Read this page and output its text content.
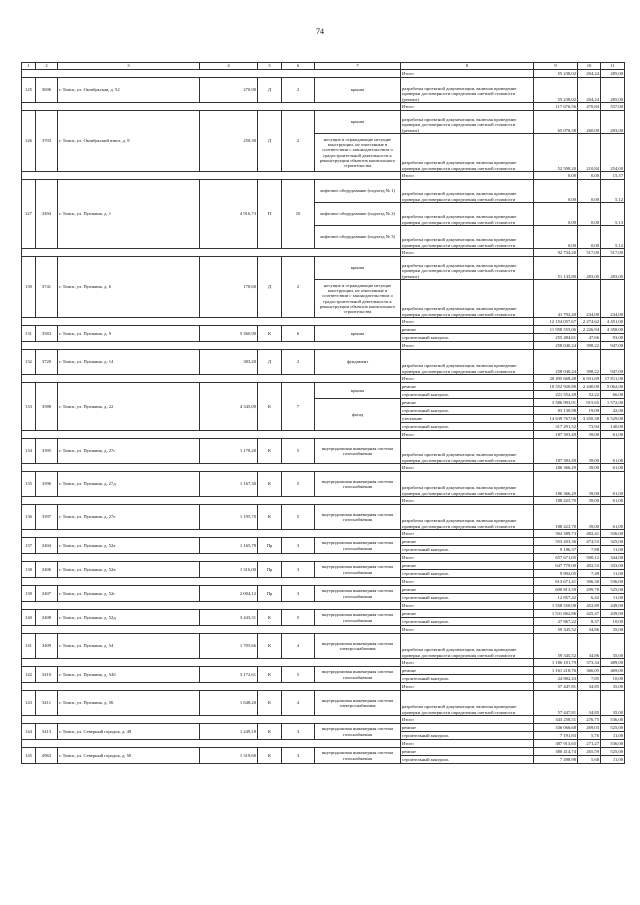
74
1	2	3	4	5	6	7	8	9	10	11
							Итого	55 238,02	204,24	285,00
125	3696	г. Томск, ул. Октябрьская, д. 52	270,90	Д	2	крыша	разработка проектной документации, включая проведение проверки достоверности определения сметной стоимости (ремонт)	55 238,02	204,24	285,00
							Итого	117 676,56	470,84	537,00
126	3703	г. Томск, ул. Октябрьский взвоз, д. 8	250,30	Д	2	крыша	разработка проектной документации, включая проведение проверки достоверности определения сметной стоимости (ремонт)	65 078,38	260,00	283,00
						несущие и ограждающие несущие конструкции, не отнесенные в соответствии с законодательством о градостроительной деятельности к реконструкции объектов капитального строительства	разработка проектной документации, включая проведение проверки достоверности определения сметной стоимости	52 598,20	210,84	254,00
							Итого	0,00	0,00	15,37
127	3494	г. Томск, ул. Пушкина, д. 1	4 916,73	П	10	лифтовое оборудование (подъезд № 1)	разработка проектной документации, включая проведение проверки достоверности определения сметной стоимости	0,00	0,00	5,12
						лифтовое оборудование (подъезд № 2)	разработка проектной документации, включая проведение проверки достоверности определения сметной стоимости	0,00	0,00	5,13
						лифтовое оборудование (подъезд № 3)	разработка проектной документации, включая проведение проверки достоверности определения сметной стоимости	0,00	0,00	5,12
							Итого	92 734,20	517,00	517,00
130	3741	г. Томск, ул. Пушкина, д. 6	178,60	Д	2	крыша	разработка проектной документации, включая проведение проверки достоверности определения сметной стоимости (ремонт)	51 143,80	283,00	283,00
						несущие и ограждающие несущие конструкции, не отнесенные в соответствии с законодательством о градостроительной деятельности к реконструкции объектов капитального строительства	разработка проектной документации, включая проведение проверки достоверности определения сметной стоимости	41 792,40	234,00	234,00
							Итого	12 154 057,67	2 274,62	4 451,00
131	3583	г. Томск, ул. Пушкина, д. 9	5 360,90	К	6	крыша	ремонт	11 958 555,06	2 226,94	4 358,00
							строительный контроль	255 484,61	47,66	93,00
							Итого	258 040,24	398,22	947,00
132	3720	г. Томск, ул. Пушкина, д. 14	383,20	Д	2	фундамент	разработка проектной документации, включая проведение проверки достоверности определения сметной стоимости	258 040,24	398,22	947,00
							Итого	20 495 668,48	6 931,69	17 811,00
133	3588	г. Томск, ул. Пушкина, д. 22	4 345,00	К	7	крыша	ремонт	10 552 920,80	2 440,00	5 062,00
							строительный контроль	221 552,49	52,22	66,00
						фасад	ремонт	3 586 993,91	915,65	1 572,00
							строительный контроль	83 130,98	19,09	42,00
							утепление	14 639 767,06	3 450,38	6 529,00
							строительный контроль	317 291,52	73,94	140,00
							Итого	187 393,49	39,00	61,00
134	3395	г. Томск, ул. Пушкина, д. 27г	1 178,20	К	5	внутридомовая инженерная система газоснабжения	разработка проектной документации, включая проведение проверки достоверности определения сметной стоимости	187 393,49	39,00	61,00
							Итого	186 366,29	39,00	61,00
135	3396	г. Томск, ул. Пушкина, д. 27д	1 167,30	К	5	внутридомовая инженерная система газоснабжения	разработка проектной документации, включая проведение проверки достоверности определения сметной стоимости	186 366,29	39,00	61,00
							Итого	188 423,70	39,00	61,00
136	3397	г. Томск, ул. Пушкина, д. 27е	1 195,70	К	5	внутридомовая инженерная система газоснабжения	разработка проектной документации, включая проведение проверки достоверности определения сметной стоимости	188 423,70	39,00	61,00
							Итого	562 389,73	482,41	336,00
137	3404	г. Томск, ул. Пушкина, д. 52а	1 165,78	Пр	3	внутридомовая инженерная система газоснабжения	ремонт	553 203,36	474,53	325,00
							строительный контроль	9 186,37	7,88	11,00
							Итого	657 671,05	500,12	344,00
138	3406	г. Томск, ул. Пушкина, д. 52в	1 316,00	Пр	3	внутридомовая инженерная система газоснабжения	ремонт	647 779,00	492,53	333,00
							строительный контроль	9 892,05	7,49	11,00
							Итого	613 671,41	306,30	536,00
139	3407	г. Томск, ул. Пушкина, д. 52г	2 004,12	Пр	3	внутридомовая инженерная система газоснабжения	ремонт	600 813,59	299,78	525,00
							строительный контроль	12 857,42	6,42	11,00
							Итого	1 558 550,08	452,89	449,00
140	3408	г. Томск, ул. Пушкина, д. 52д	3 443,31	К	5	внутридомовая инженерная система газоснабжения	ремонт	1 531 862,86	425,47	439,00
							строительный контроль	27 867,22	8,37	10,00
							Итого	59 345,52	34,86	35,00
141	3409	г. Томск, ул. Пушкина, д. 54	1 705,66	К	4	внутридомовая инженерная система электроснабжения	разработка проектной документации, включая проведение проверки достоверности определения сметной стоимости	59 345,52	34,86	35,00
							Итого	1 186 101,79	373,34	489,00
142	3410	г. Томск, ул. Пушкина, д. 54б	3 172,61	К	5	внутридомовая инженерная система газоснабжения	ремонт	1 161 218,76	366,05	469,00
							строительный контроль	24 882,43	7,85	10,00
							Итого	57 447,81	34,85	35,00
143	3411	г. Томск, ул. Пушкина, д. 56	1 648,20	К	4	внутридомовая инженерная система электроснабжения	разработка проектной документации, включая проведение проверки достоверности определения сметной стоимости	57 447,81	34,85	35,00
							Итого	343 258,51	276,75	536,00
144	3413	г. Томск, ул. Северный городок, д. 49	1 249,18	К	3	внутридомовая инженерная система газоснабжения	ремонт	336 066,68	269,03	525,00
							строительный контроль	7 191,83	5,76	11,00
							Итого	387 913,65	271,27	536,00
145	4963	г. Томск, ул. Северный городок, д. 50	1 319,60	К	3	внутридомовая инженерная система газоснабжения	ремонт	380 414,74	265,59	525,00
							строительный контроль	7 498,98	5,68	11,00
